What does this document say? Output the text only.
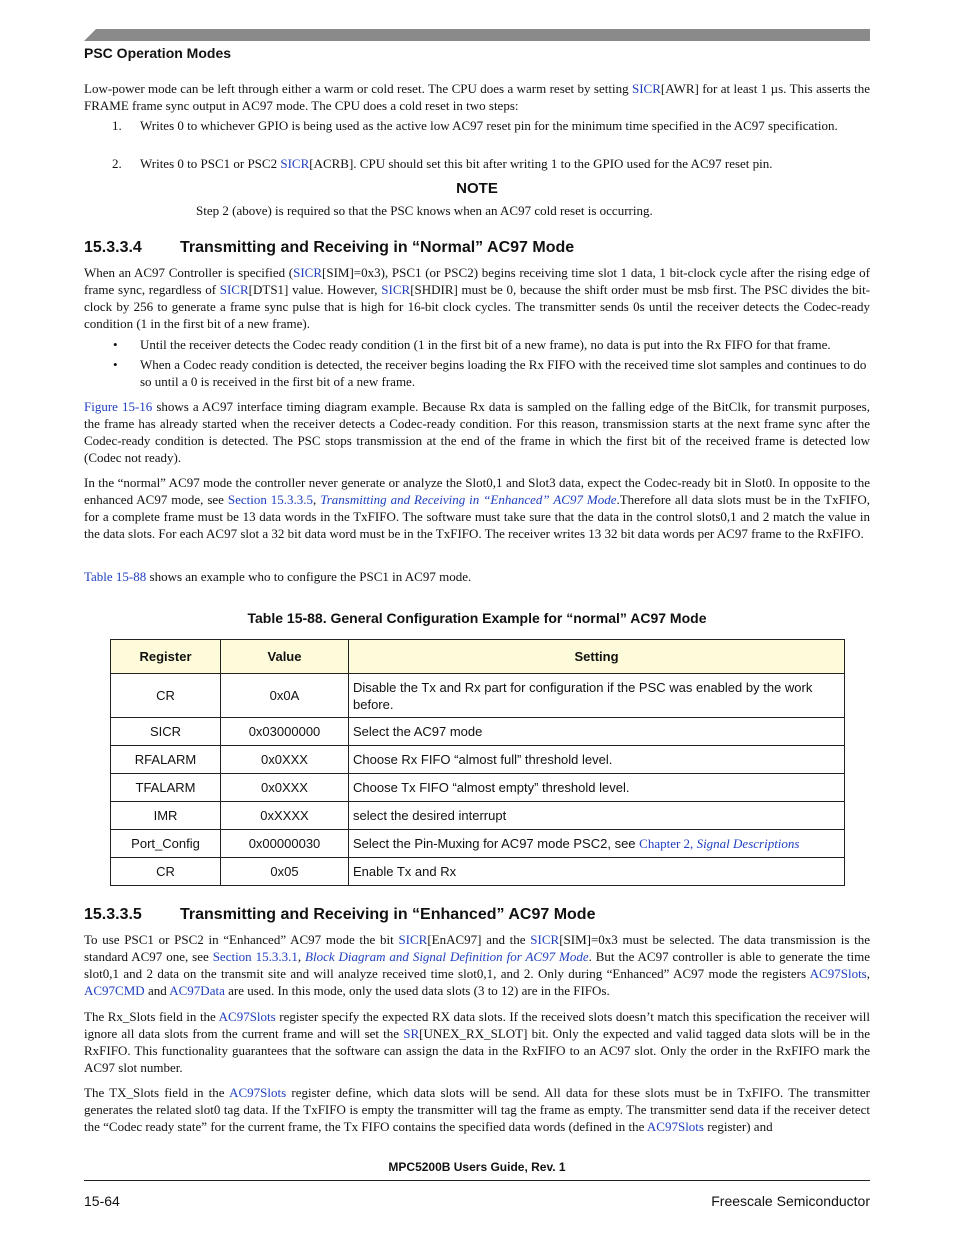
PSC Operation Modes
Low-power mode can be left through either a warm or cold reset. The CPU does a warm reset by setting SICR[AWR] for at least 1 µs. This asserts the FRAME frame sync output in AC97 mode. The CPU does a cold reset in two steps:
1. Writes 0 to whichever GPIO is being used as the active low AC97 reset pin for the minimum time specified in the AC97 specification.
2. Writes 0 to PSC1 or PSC2 SICR[ACRB]. CPU should set this bit after writing 1 to the GPIO used for the AC97 reset pin.
NOTE
Step 2 (above) is required so that the PSC knows when an AC97 cold reset is occurring.
15.3.3.4 Transmitting and Receiving in “Normal” AC97 Mode
When an AC97 Controller is specified (SICR[SIM]=0x3), PSC1 (or PSC2) begins receiving time slot 1 data, 1 bit-clock cycle after the rising edge of frame sync, regardless of SICR[DTS1] value. However, SICR[SHDIR] must be 0, because the shift order must be msb first. The PSC divides the bit-clock by 256 to generate a frame sync pulse that is high for 16-bit clock cycles. The transmitter sends 0s until the receiver detects the Codec-ready condition (1 in the first bit of a new frame).
• Until the receiver detects the Codec ready condition (1 in the first bit of a new frame), no data is put into the Rx FIFO for that frame.
• When a Codec ready condition is detected, the receiver begins loading the Rx FIFO with the received time slot samples and continues to do so until a 0 is received in the first bit of a new frame.
Figure 15-16 shows a AC97 interface timing diagram example. Because Rx data is sampled on the falling edge of the BitClk, for transmit purposes, the frame has already started when the receiver detects a Codec-ready condition. For this reason, transmission starts at the next frame sync after the Codec-ready condition is detected. The PSC stops transmission at the end of the frame in which the first bit of the received frame is detected low (Codec not ready).
In the “normal” AC97 mode the controller never generate or analyze the Slot0,1 and Slot3 data, expect the Codec-ready bit in Slot0. In opposite to the enhanced AC97 mode, see Section 15.3.3.5, Transmitting and Receiving in “Enhanced” AC97 Mode.Therefore all data slots must be in the TxFIFO, for a complete frame must be 13 data words in the TxFIFO. The software must take sure that the data in the control slots0,1 and 2 match the value in the data slots. For each AC97 slot a 32 bit data word must be in the TxFIFO. The receiver writes 13 32 bit data words per AC97 frame to the RxFIFO.
Table 15-88 shows an example who to configure the PSC1 in AC97 mode.
Table 15-88. General Configuration Example for “normal” AC97 Mode
Register	Value	Setting
CR	0x0A	Disable the Tx and Rx part for configuration if the PSC was enabled by the work before.
SICR	0x03000000	Select the AC97 mode
RFALARM	0x0XXX	Choose Rx FIFO “almost full” threshold level.
TFALARM	0x0XXX	Choose Tx FIFO “almost empty” threshold level.
IMR	0xXXXX	select the desired interrupt
Port_Config	0x00000030	Select the Pin-Muxing for AC97 mode PSC2, see Chapter 2, Signal Descriptions
CR	0x05	Enable Tx and Rx
15.3.3.5 Transmitting and Receiving in “Enhanced” AC97 Mode
To use PSC1 or PSC2 in “Enhanced” AC97 mode the bit SICR[EnAC97] and the SICR[SIM]=0x3 must be selected. The data transmission is the standard AC97 one, see Section 15.3.3.1, Block Diagram and Signal Definition for AC97 Mode. But the AC97 controller is able to generate the time slot0,1 and 2 data on the transmit site and will analyze received time slot0,1, and 2. Only during “Enhanced” AC97 mode the registers AC97Slots, AC97CMD and AC97Data are used. In this mode, only the used data slots (3 to 12) are in the FIFOs.
The Rx_Slots field in the AC97Slots register specify the expected RX data slots. If the received slots doesn’t match this specification the receiver will ignore all data slots from the current frame and will set the SR[UNEX_RX_SLOT] bit. Only the expected and valid tagged data slots will be in the RxFIFO. This functionality guarantees that the software can assign the data in the RxFIFO to an AC97 slot. Only the order in the RxFIFO mark the AC97 slot number.
The TX_Slots field in the AC97Slots register define, which data slots will be send. All data for these slots must be in TxFIFO. The transmitter generates the related slot0 tag data. If the TxFIFO is empty the transmitter will tag the frame as empty. The transmitter send data if the receiver detect the “Codec ready state” for the current frame, the Tx FIFO contains the specified data words (defined in the AC97Slots register) and
MPC5200B Users Guide, Rev. 1
15-64	Freescale Semiconductor
